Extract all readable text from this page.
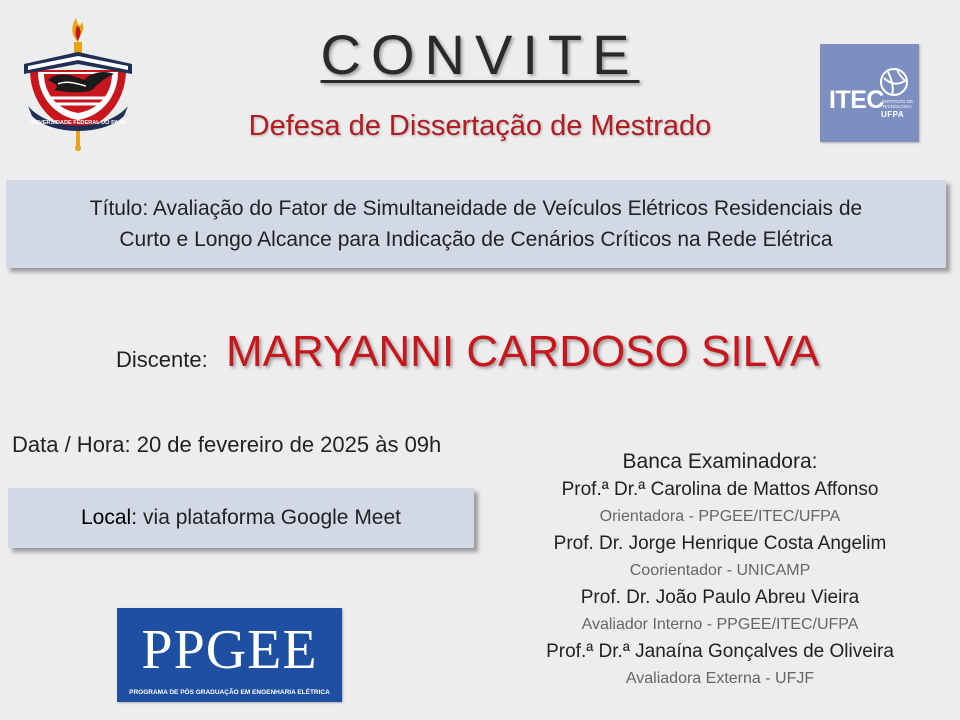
UNIVERSIDADE FEDERAL DO PARÁ
CONVITE
Defesa de Dissertação de Mestrado
ITEC
INSTITUTO DE TECNOLOGIA
UFPA
Título: Avaliação do Fator de Simultaneidade de Veículos Elétricos Residenciais de
Curto e Longo Alcance para Indicação de Cenários Críticos na Rede Elétrica
Discente: MARYANNI CARDOSO SILVA
Data / Hora: 20 de fevereiro de 2025 às 09h
Local: via plataforma Google Meet
Banca Examinadora:
Prof.ª Dr.ª Carolina de Mattos Affonso
Orientadora - PPGEE/ITEC/UFPA
Prof. Dr. Jorge Henrique Costa Angelim
Coorientador - UNICAMP
Prof. Dr. João Paulo Abreu Vieira
Avaliador Interno - PPGEE/ITEC/UFPA
Prof.ª Dr.ª Janaína Gonçalves de Oliveira
Avaliadora Externa - UFJF
PPGEE
PROGRAMA DE PÓS GRADUAÇÃO EM ENGENHARIA ELÉTRICA
